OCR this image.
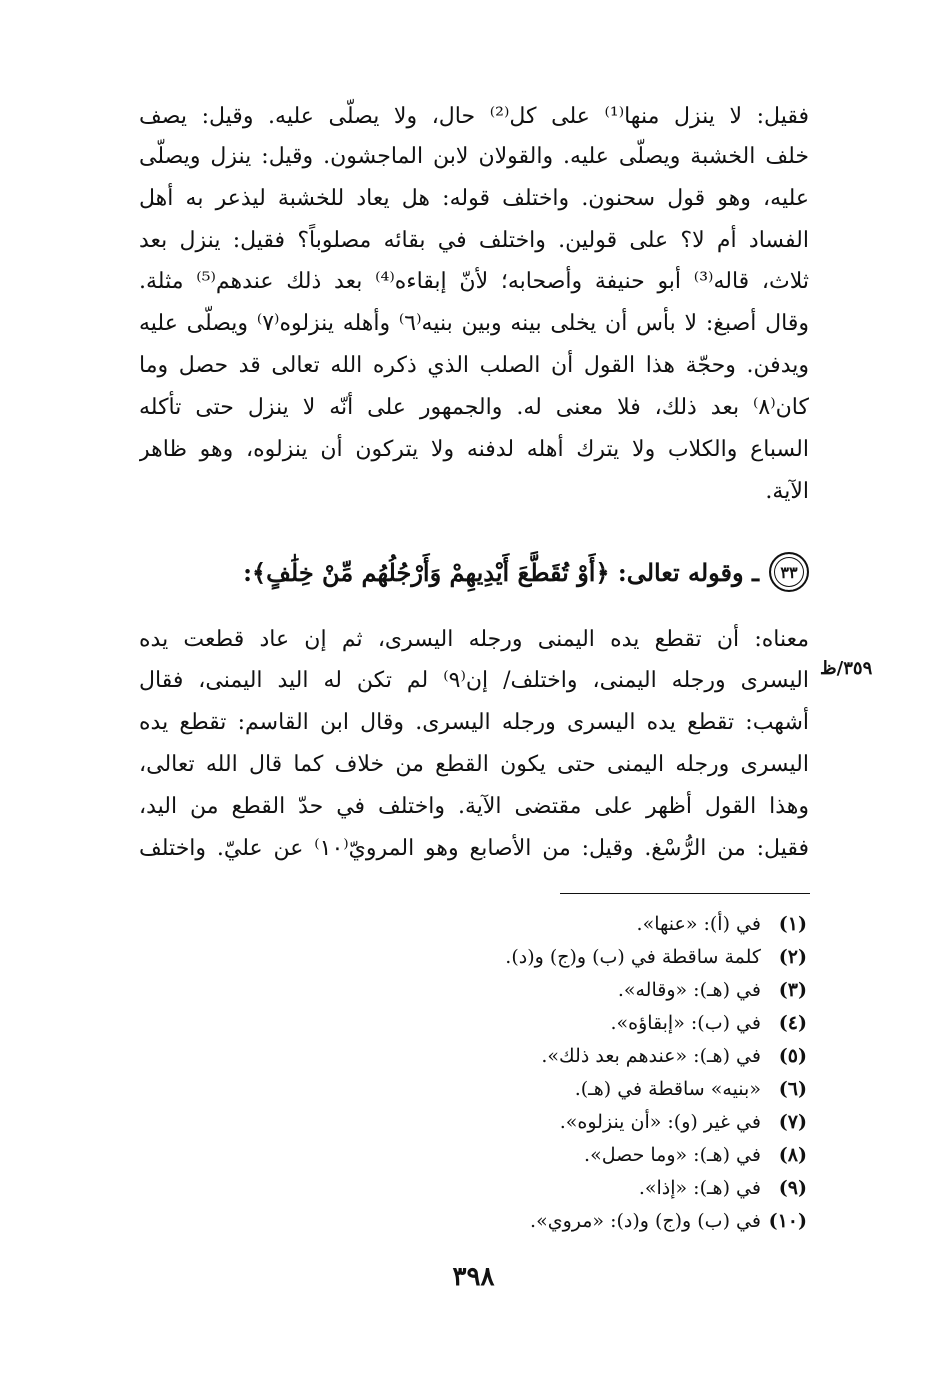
فقيل: لا ينزل منها⁽¹⁾ على كل⁽²⁾ حال، ولا يصلّى عليه. وقيل: يصف
خلف الخشبة ويصلّى عليه. والقولان لابن الماجشون. وقيل: ينزل ويصلّى
عليه، وهو قول سحنون. واختلف قوله: هل يعاد للخشبة ليذعر به أهل
الفساد أم لا؟ على قولين. واختلف في بقائه مصلوباً؟ فقيل: ينزل بعد
ثلاث، قاله⁽³⁾ أبو حنيفة وأصحابه؛ لأنّ إبقاءه⁽⁴⁾ بعد ذلك عندهم⁽⁵⁾ مثلة.
وقال أصبغ: لا بأس أن يخلى بينه وبين بنيه⁽٦⁾ وأهله ينزلوه⁽٧⁾ ويصلّى عليه
ويدفن. وحجّة هذا القول أن الصلب الذي ذكره الله تعالى قد حصل وما
كان⁽٨⁾ بعد ذلك، فلا معنى له. والجمهور على أنّه لا ينزل حتى تأكله
السباع والكلاب ولا يترك أهله لدفنه ولا يتركون أن ينزلوه، وهو ظاهر
الآية.
٣٣
ـ وقوله تعالى: ﴿أَوْ تُقَطَّعَ أَيْدِيهِمْ وَأَرْجُلُهُم مِّنْ خِلَٰفٍ﴾:
معناه: أن تقطع يده اليمنى ورجله اليسرى، ثم إن عاد قطعت يده
اليسرى ورجله اليمنى، واختلف/ إن⁽٩⁾ لم تكن له اليد اليمنى، فقال
أشهب: تقطع يده اليسرى ورجله اليسرى. وقال ابن القاسم: تقطع يده
اليسرى ورجله اليمنى حتى يكون القطع من خلاف كما قال الله تعالى،
وهذا القول أظهر على مقتضى الآية. واختلف في حدّ القطع من اليد،
فقيل: من الرُّسْغ. وقيل: من الأصابع وهو المرويّ⁽١٠⁾ عن عليّ. واختلف
٣٥٩/ظ
(١) في (أ): «عنها».
(٢) كلمة ساقطة في (ب) و(ج) و(د).
(٣) في (هـ): «وقاله».
(٤) في (ب): «إبقاؤه».
(٥) في (هـ): «عندهم بعد ذلك».
(٦) «بنيه» ساقطة في (هـ).
(٧) في غير (و): «أن ينزلوه».
(٨) في (هـ): «وما حصل».
(٩) في (هـ): «إذا».
(١٠) في (ب) و(ج) و(د): «مروي».
٣٩٨
